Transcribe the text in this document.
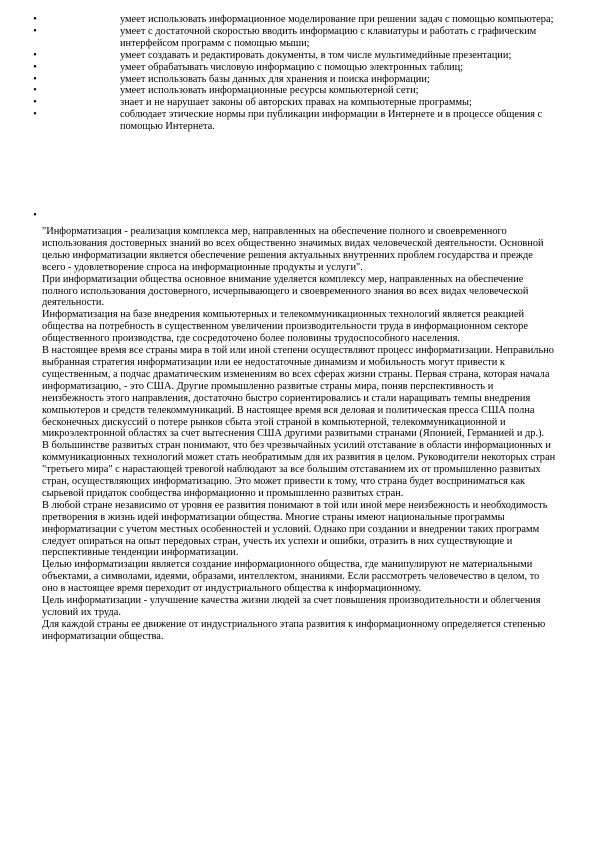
•	умеет использовать информационное моделирование при решении задач с помощью компьютера;
•	умеет с достаточной скоростью вводить информацию с клавиатуры и работать с графическим интерфейсом программ с помощью мыши;
•	умеет создавать и редактировать документы, в том числе мультимедийные презентации;
•	умеет обрабатывать числовую информацию с помощью электронных таблиц;
•	умеет использовать базы данных для хранения и поиска информации;
•	умеет использовать информационные ресурсы компьютерной сети;
•	знает и не нарушает законы об авторских правах на компьютерные программы;
•	соблюдает этические нормы при публикации информации в Интернете и в процессе общения с помощью Интернета.
•

"Информатизация - реализация комплекса мер, направленных на обеспечение полного и своевременного использования достоверных знаний во всех общественно значимых видах человеческой деятельности. Основной целью информатизации является обеспечение решения актуальных внутренних проблем государства и прежде всего - удовлетворение спроса на информационные продукты и услуги".

При информатизации общества основное внимание уделяется комплексу мер, направленных на обеспечение полного использования достоверного, исчерпывающего и своевременного знания во всех видах человеческой деятельности.

Информатизация на базе внедрения компьютерных и телекоммуникационных технологий является реакцией общества на потребность в существенном увеличении производительности труда в информационном секторе общественного производства, где сосредоточено более половины трудоспособного населения.

В настоящее время все страны мира в той или иной степени осуществляют процесс информатизации. Неправильно выбранная стратегия информатизации или ее недостаточные динамизм и мобильность могут привести к существенным, а подчас драматическим изменениям во всех сферах жизни страны. Первая страна, которая начала информатизацию, - это США. Другие промышленно развитые страны мира, поняв перспективность и неизбежность этого направления, достаточно быстро сориентировались и стали наращивать темпы внедрения компьютеров и средств телекоммуникаций. В настоящее время вся деловая и политическая пресса США полна бесконечных дискуссий о потере рынков сбыта этой страной в компьютерной, телекоммуникационной и микроэлектронной областях за счет вытеснения США другими развитыми странами (Японией, Германией и др.).

В большинстве развитых стран понимают, что без чрезвычайных усилий отставание в области информационных и коммуникационных технологий может стать необратимым для их развития в целом. Руководители некоторых стран "третьего мира" с нарастающей тревогой наблюдают за все большим отставанием их от промышленно развитых стран, осуществляющих информатизацию. Это может привести к тому, что страна будет восприниматься как сырьевой придаток сообщества информационно и промышленно развитых стран.

В любой стране независимо от уровня ее развития понимают в той или иной мере неизбежность и необходимость претворения в жизнь идей информатизации общества. Многие страны имеют национальные программы информатизации с учетом местных особенностей и условий. Однако при создании и внедрении таких программ следует опираться на опыт передовых стран, учесть их успехи и ошибки, отразить в них существующие и перспективные тенденции информатизации.

Целью информатизации является создание информационного общества, где манипулируют не материальными объектами, а символами, идеями, образами, интеллектом, знаниями. Если рассмотреть человечество в целом, то оно в настоящее время переходит от индустриального общества к информационному.

Цель информатизации - улучшение качества жизни людей за счет повышения производительности и облегчения условий их труда.

Для каждой страны ее движение от индустриального этапа развития к информационному определяется степенью информатизации общества.
